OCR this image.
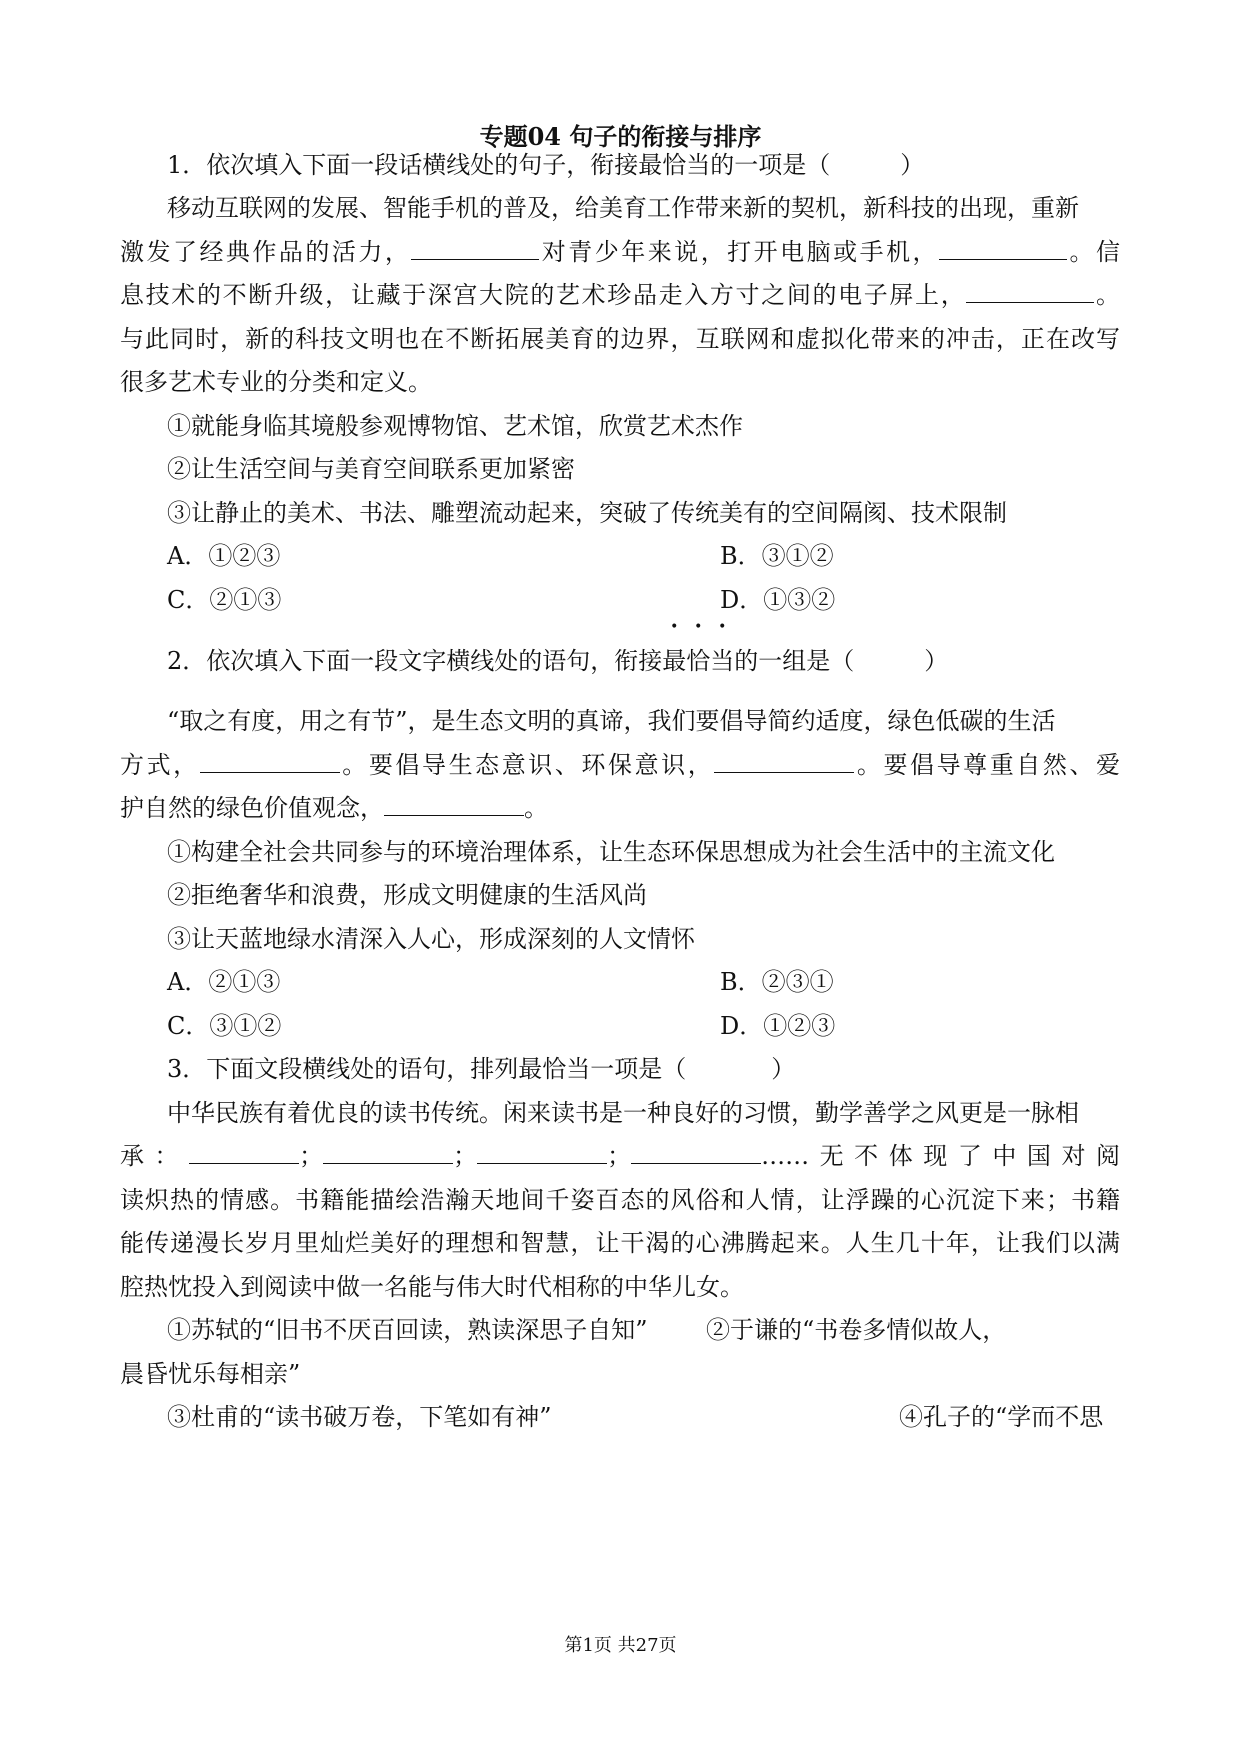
专题04 句子的衔接与排序
1．依次填入下面一段话横线处的句子，衔接最恰当的一项是（	）
移动互联网的发展、智能手机的普及，给美育工作带来新的契机，新科技的出现，重新
激发了经典作品的活力，	对青少年来说，打开电脑或手机，	。信
息技术的不断升级，让藏于深宫大院的艺术珍品走入方寸之间的电子屏上，	。
与此同时，新的科技文明也在不断拓展美育的边界，互联网和虚拟化带来的冲击，正在改写
很多艺术专业的分类和定义。
①就能身临其境般参观博物馆、艺术馆，欣赏艺术杰作
②让生活空间与美育空间联系更加紧密
③让静止的美术、书法、雕塑流动起来，突破了传统美有的空间隔阂、技术限制
A．①②③	B．③①②
C．②①③	D．①③②
2．依次填入下面一段文字横线处的语句，衔接最恰当的一组是（	）
“取之有度，用之有节”，是生态文明的真谛，我们要倡导简约适度，绿色低碳的生活
方式，	。要倡导生态意识、环保意识，	。要倡导尊重自然、爱
护自然的绿色价值观念，	。
①构建全社会共同参与的环境治理体系，让生态环保思想成为社会生活中的主流文化
②拒绝奢华和浪费，形成文明健康的生活风尚
③让天蓝地绿水清深入人心，形成深刻的人文情怀
A．②①③	B．②③①
C．③①②	D．①②③
3．下面文段横线处的语句，排列最恰当一项是（	）
中华民族有着优良的读书传统。闲来读书是一种良好的习惯，勤学善学之风更是一脉相
承：	；	；	；	……无不体现了中国对阅
读炽热的情感。书籍能描绘浩瀚天地间千姿百态的风俗和人情，让浮躁的心沉淀下来；书籍
能传递漫长岁月里灿烂美好的理想和智慧，让干渴的心沸腾起来。人生几十年，让我们以满
腔热忱投入到阅读中做一名能与伟大时代相称的中华儿女。
①苏轼的“旧书不厌百回读，熟读深思子自知” ②于谦的“书卷多情似故人，
晨昏忧乐每相亲”
③杜甫的“读书破万卷，下笔如有神”	④孔子的“学而不思
第1页 共27页
